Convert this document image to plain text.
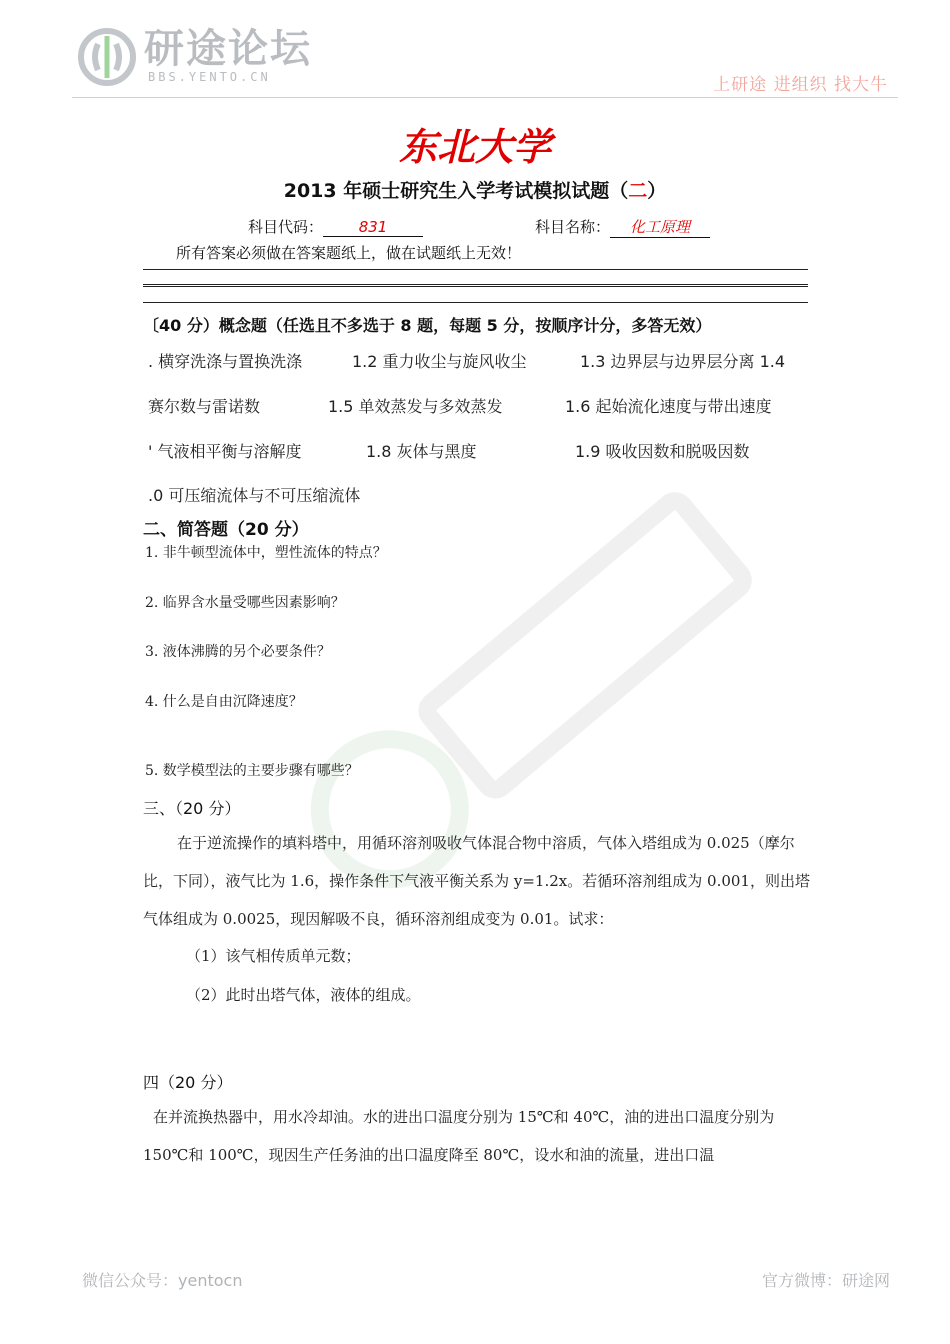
研途论坛
BBS.YENTO.CN	上研途 进组织 找大牛
东北大学
2013 年硕士研究生入学考试模拟试题（二）
科目代码： 831	科目名称： 化工原理
所有答案必须做在答案题纸上，做在试题纸上无效！
〔40 分）概念题（任选且不多选于 8 题，每题 5 分，按顺序计分，多答无效）
. 横穿洗涤与置换洗涤	1.2 重力收尘与旋风收尘	1.3 边界层与边界层分离 1.4
赛尔数与雷诺数	1.5 单效蒸发与多效蒸发	1.6 起始流化速度与带出速度
' 气液相平衡与溶解度	1.8 灰体与黑度	1.9 吸收因数和脱吸因数
.0 可压缩流体与不可压缩流体
二、简答题（20 分）
1. 非牛顿型流体中，塑性流体的特点？
2. 临界含水量受哪些因素影响？
3. 液体沸腾的另个必要条件？
4. 什么是自由沉降速度？
5. 数学模型法的主要步骤有哪些？
三、（20 分）
在于逆流操作的填料塔中，用循环溶剂吸收气体混合物中溶质，气体入塔组成为 0.025（摩尔比，下同），液气比为 1.6，操作条件下气液平衡关系为 y=1.2x。若循环溶剂组成为 0.001，则出塔气体组成为 0.0025，现因解吸不良，循环溶剂组成变为 0.01。试求：
（1）该气相传质单元数；
（2）此时出塔气体，液体的组成。
四（20 分）
在并流换热器中，用水冷却油。水的进出口温度分别为 15℃和 40℃，油的进出口温度分别为 150℃和 100℃，现因生产任务油的出口温度降至 80℃，设水和油的流量，进出口温
微信公众号：yentocn	官方微博：研途网
